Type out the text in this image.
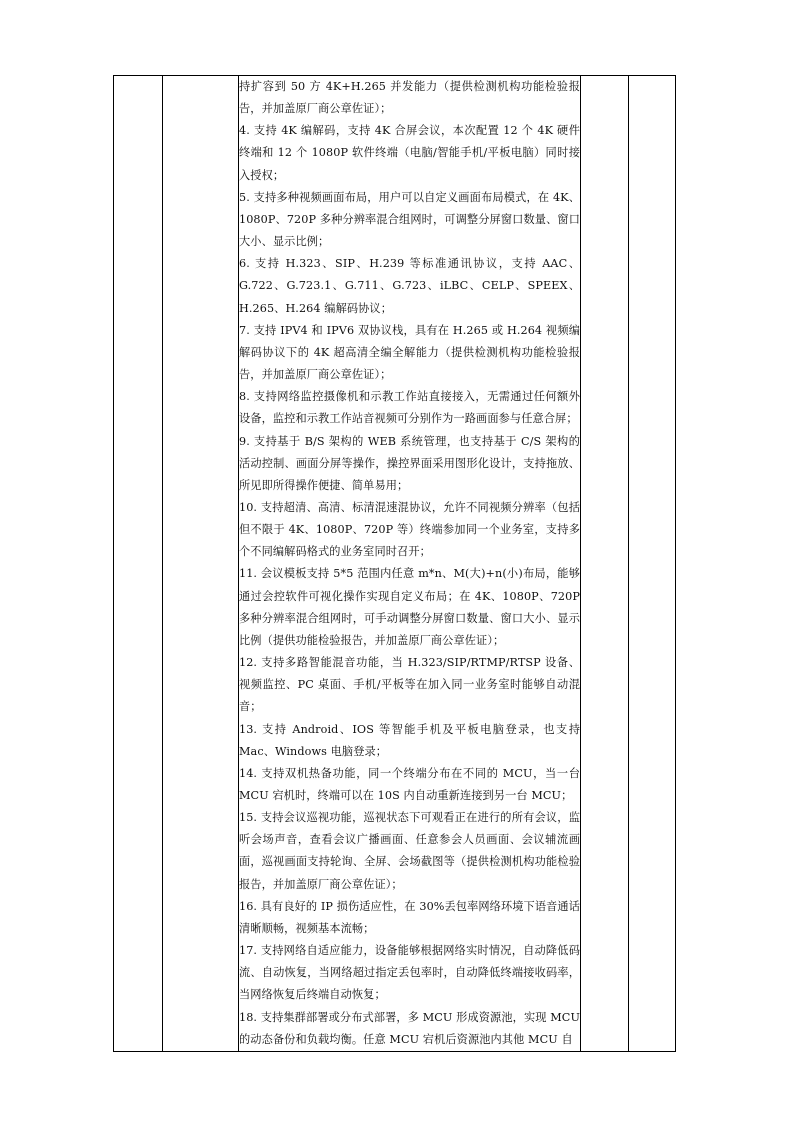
持扩容到 50 方 4K+H.265 并发能力（提供检测机构功能检验报告，并加盖原厂商公章佐证）；

4. 支持 4K 编解码，支持 4K 合屏会议，本次配置 12 个 4K 硬件终端和 12 个 1080P 软件终端（电脑/智能手机/平板电脑）同时接入授权；

5. 支持多种视频画面布局，用户可以自定义画面布局模式，在 4K、1080P、720P 多种分辨率混合组网时，可调整分屏窗口数量、窗口大小、显示比例；

6. 支持 H.323、SIP、H.239 等标准通讯协议，支持 AAC、G.722、G.723.1、G.711、G.723、iLBC、CELP、SPEEX、H.265、H.264 编解码协议；

7. 支持 IPV4 和 IPV6 双协议栈，具有在 H.265 或 H.264 视频编解码协议下的 4K 超高清全编全解能力（提供检测机构功能检验报告，并加盖原厂商公章佐证）；

8. 支持网络监控摄像机和示教工作站直接接入，无需通过任何额外设备，监控和示教工作站音视频可分别作为一路画面参与任意合屏；

9. 支持基于 B/S 架构的 WEB 系统管理，也支持基于 C/S 架构的活动控制、画面分屏等操作，操控界面采用图形化设计，支持拖放、所见即所得操作便捷、简单易用；

10. 支持超清、高清、标清混速混协议，允许不同视频分辨率（包括但不限于 4K、1080P、720P 等）终端参加同一个业务室，支持多个不同编解码格式的业务室同时召开；

11. 会议模板支持 5*5 范围内任意 m*n、M(大)+n(小)布局，能够通过会控软件可视化操作实现自定义布局；在 4K、1080P、720P 多种分辨率混合组网时，可手动调整分屏窗口数量、窗口大小、显示比例（提供功能检验报告，并加盖原厂商公章佐证）；

12. 支持多路智能混音功能，当 H.323/SIP/RTMP/RTSP 设备、视频监控、PC 桌面、手机/平板等在加入同一业务室时能够自动混音；

13. 支持 Android、IOS 等智能手机及平板电脑登录，也支持 Mac、Windows 电脑登录；

14. 支持双机热备功能，同一个终端分布在不同的 MCU，当一台 MCU 宕机时，终端可以在 10S 内自动重新连接到另一台 MCU；

15. 支持会议巡视功能，巡视状态下可观看正在进行的所有会议，监听会场声音，查看会议广播画面、任意参会人员画面、会议辅流画面，巡视画面支持轮询、全屏、会场截图等（提供检测机构功能检验报告，并加盖原厂商公章佐证）；

16. 具有良好的 IP 损伤适应性，在 30%丢包率网络环境下语音通话清晰顺畅，视频基本流畅；

17. 支持网络自适应能力，设备能够根据网络实时情况，自动降低码流、自动恢复，当网络超过指定丢包率时，自动降低终端接收码率，当网络恢复后终端自动恢复；

18. 支持集群部署或分布式部署，多 MCU 形成资源池，实现 MCU 的动态备份和负载均衡。任意 MCU 宕机后资源池内其他 MCU 自
